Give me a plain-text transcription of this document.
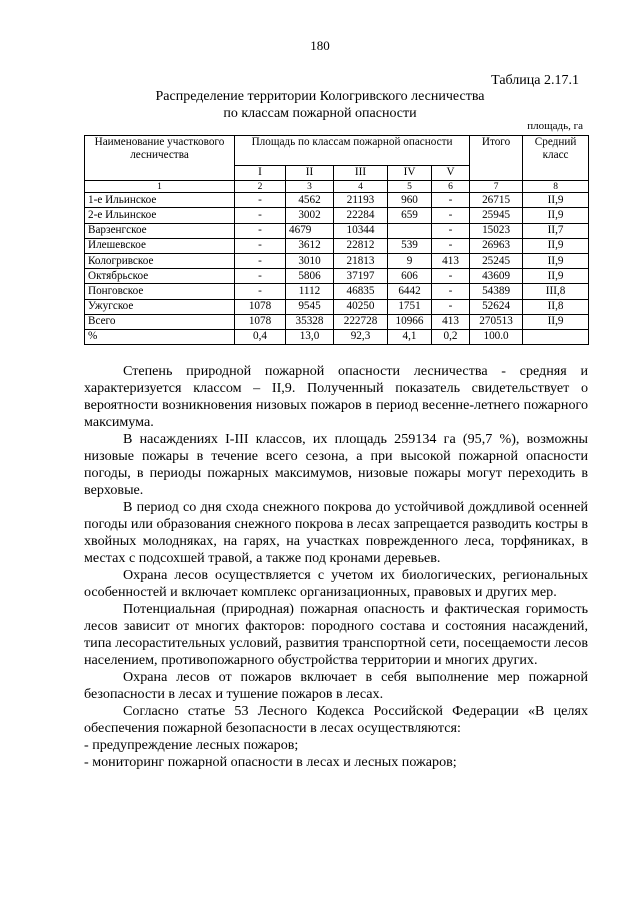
180
Таблица 2.17.1
Распределение территории Кологривского лесничества
по классам пожарной опасности
площадь, га
Наименование участкового лесничества	Площадь по классам пожарной опасности					Итого	Средний класс
	I	II	III	IV	V		
1	2	3	4	5	6	7	8
1-е Ильинское	-	4562	21193	960	-	26715	II,9
2-е Ильинское	-	3002	22284	659	-	25945	II,9
Варзенгское	-	4679	10344		-	15023	II,7
Илешевское	-	3612	22812	539	-	26963	II,9
Кологривское	-	3010	21813	9	413	25245	II,9
Октябрьское	-	5806	37197	606	-	43609	II,9
Понговское	-	1112	46835	6442	-	54389	III,8
Ужугское	1078	9545	40250	1751	-	52624	II,8
Всего	1078	35328	222728	10966	413	270513	II,9
%	0,4	13,0	92,3	4,1	0,2	100.0	

Степень природной пожарной опасности лесничества - средняя и характеризуется классом – II,9. Полученный показатель свидетельствует о вероятности возникновения низовых пожаров в период весенне-летнего пожарного максимума.

В насаждениях I-III классов, их площадь 259134 га (95,7 %), возможны низовые пожары в течение всего сезона, а при высокой пожарной опасности погоды, в периоды пожарных максимумов, низовые пожары могут переходить в верховые.

В период со дня схода снежного покрова до устойчивой дождливой осенней погоды или образования снежного покрова в лесах запрещается разводить костры в хвойных молодняках, на гарях, на участках поврежденного леса, торфяниках, в местах с подсохшей травой, а также под кронами деревьев.

Охрана лесов осуществляется с учетом их биологических, региональных особенностей и включает комплекс организационных, правовых и других мер.

Потенциальная (природная) пожарная опасность и фактическая горимость лесов зависит от многих факторов: породного состава и состояния насаждений, типа лесорастительных условий, развития транспортной сети, посещаемости лесов населением, противопожарного обустройства территории и многих других.

Охрана лесов от пожаров включает в себя выполнение мер пожарной безопасности в лесах и тушение пожаров в лесах.

Согласно статье 53 Лесного Кодекса Российской Федерации «В целях обеспечения пожарной безопасности в лесах осуществляются:

- предупреждение лесных пожаров;

- мониторинг пожарной опасности в лесах и лесных пожаров;
